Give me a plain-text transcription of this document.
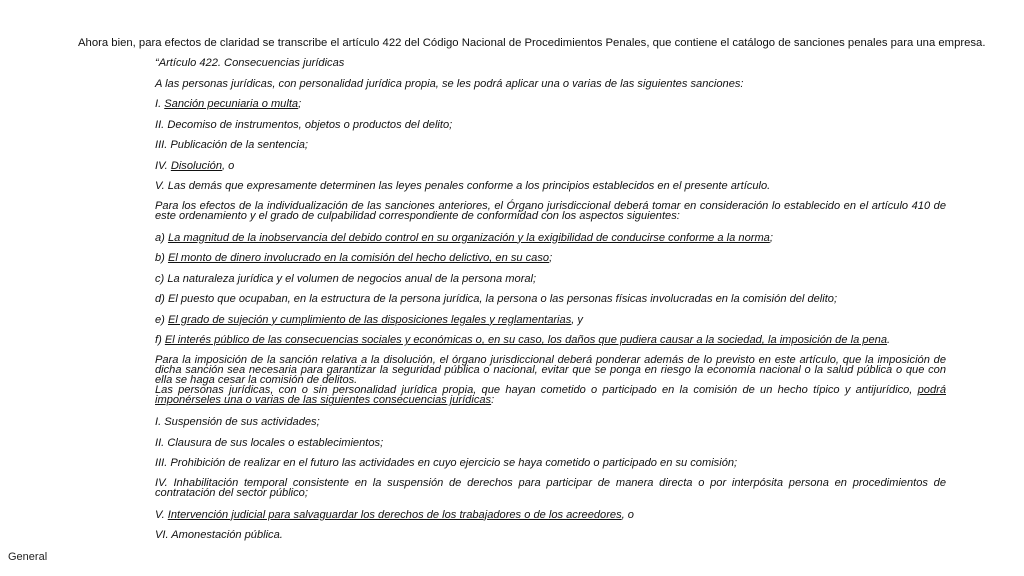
Ahora bien, para efectos de claridad se transcribe el artículo 422 del Código Nacional de Procedimientos Penales, que contiene el catálogo de sanciones penales para una empresa.

“Artículo 422. Consecuencias jurídicas

A las personas jurídicas, con personalidad jurídica propia, se les podrá aplicar una o varias de las siguientes sanciones:

I. Sanción pecuniaria o multa;

II. Decomiso de instrumentos, objetos o productos del delito;

III. Publicación de la sentencia;

IV. Disolución, o

V. Las demás que expresamente determinen las leyes penales conforme a los principios establecidos en el presente artículo.

Para los efectos de la individualización de las sanciones anteriores, el Órgano jurisdiccional deberá tomar en consideración lo establecido en el artículo 410 de este ordenamiento y el grado de culpabilidad correspondiente de conformidad con los aspectos siguientes:

a) La magnitud de la inobservancia del debido control en su organización y la exigibilidad de conducirse conforme a la norma;

b) El monto de dinero involucrado en la comisión del hecho delictivo, en su caso;

c) La naturaleza jurídica y el volumen de negocios anual de la persona moral;

d) El puesto que ocupaban, en la estructura de la persona jurídica, la persona o las personas físicas involucradas en la comisión del delito;

e) El grado de sujeción y cumplimiento de las disposiciones legales y reglamentarias, y

f) El interés público de las consecuencias sociales y económicas o, en su caso, los daños que pudiera causar a la sociedad, la imposición de la pena.

Para la imposición de la sanción relativa a la disolución, el órgano jurisdiccional deberá ponderar además de lo previsto en este artículo, que la imposición de dicha sanción sea necesaria para garantizar la seguridad pública o nacional, evitar que se ponga en riesgo la economía nacional o la salud pública o que con ella se haga cesar la comisión de delitos.

Las personas jurídicas, con o sin personalidad jurídica propia, que hayan cometido o participado en la comisión de un hecho típico y antijurídico, podrá imponérseles una o varias de las siguientes consecuencias jurídicas:

I. Suspensión de sus actividades;

II. Clausura de sus locales o establecimientos;

III. Prohibición de realizar en el futuro las actividades en cuyo ejercicio se haya cometido o participado en su comisión;

IV. Inhabilitación temporal consistente en la suspensión de derechos para participar de manera directa o por interpósita persona en procedimientos de contratación del sector público;

V. Intervención judicial para salvaguardar los derechos de los trabajadores o de los acreedores, o

VI. Amonestación pública.

General
